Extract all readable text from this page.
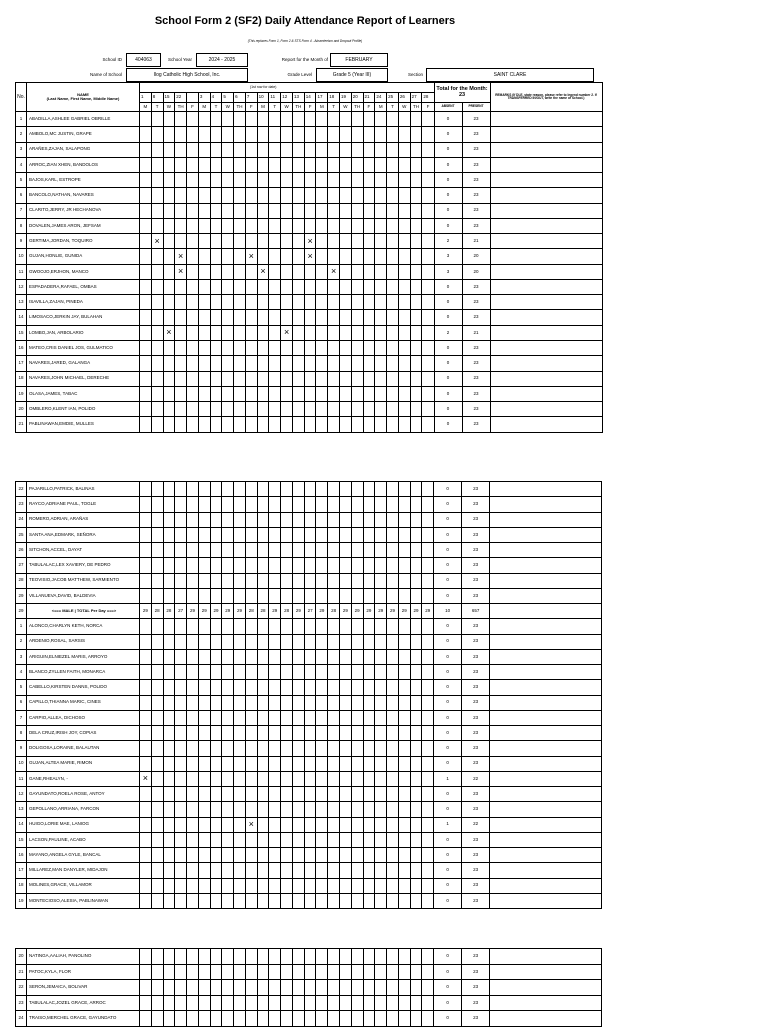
School Form 2 (SF2) Daily Attendance Report of Learners
(This replaces Form 1, Form 2 & STS Form 4 - Absenteeism and Dropout Profile)
School ID	404063	School Year	2024 - 2025	Report for the Month of	FEBRUARY
Name of School	Ilog Catholic High School, Inc.	Grade Level	Grade 5 (Year III)	Section	SAINT CLARE
No.	NAME
(Last Name, First Name, Middle Name)	(1st row for date)																									Total for the Month: 23		REMARKS (If DLE, state reason, please refer to legend number 2. If TRANSFERRED IN/OUT, write the name of School.)
		1	8	15	22		3	4	5	6	7	10	11	12	13	14	17	18	19	20	21	24	25	26	27	28			
		M	T	W	TH	F	M	T	W	TH	F	M	T	W	TH	F	M	T	W	TH	F	M	T	W	TH	F	ABSENT	PRESENT	
1	ABADILLA,ASHLEE GABRIEL OBRILLE																										0	23	
2	AMBOLO,MC JUSTIN, GRAPE																										0	23	
3	ARAÑES,ZAJAN, SALAPONG																										0	23	
4	ARROC,ZIAN XHEN, BANDOLOS																										0	23	
5	BAJOS,KARL, ESTROPE																										0	23	
6	BANCOLO,NATHAN, NAVARES																										0	23	
7	CLARITO,JERRY, JR HECHANOVA																										0	23	
8	DOVALEN,JAMES ARON, JEFSAM																										0	23	
9	GERTIMA,JORDAN, TOQUIRO		×													×											2	21	
10	GUJAN,HONLIE, GUNIDA				×						×					×											3	20	
11	GWOOJO,ERJHON, MANCO				×							×						×									3	20	
12	ESPADADERA,RAFAEL, OMBAS																										0	23	
13	ISAVILLA,ZAJAN, PINEDA																										0	23	
14	LIMOSACO,JERKIN JAY, BULAHAN																										0	23	
15	LOMBO,JAN, ARBOLARIO			×										×													2	21	
16	MATEO,CRIS DANIEL JOS, GULMATICO																										0	23	
17	NAVARES,JARED, GALANGA																										0	23	
18	NAVARES,JOHN MICHAEL, DERECHE																										0	23	
19	OLASA,JAMES, TABAC																										0	23	
20	OMBLERO,KLENT IAN, POLIDO																										0	23	
21	PABLINAWAN,EMDIE, MULLES																										0	23	
22	PAJARILLO,PATRICK, BALINAS																										0	23	
23	RAYCO,ADRIANE PAUL, TOGLE																										0	23	
24	ROMERO,ADRIAN, ARAÑAS																										0	23	
25	SANTA ANA,EDMARK, SEÑORA																										0	23	
26	SITCHON,ACCEL, DAYAT																										0	23	
27	TABULALAC,LEX XAVIERY, DE PEDRO																										0	23	
28	TEOVISIO,JACOB MATTHEW, SARMIENTO																										0	23	
29	VILLANUEVA,DAVID, BALDEVIA																										0	23	
29	<=== MALE | TOTAL Per Day ===>	29	28	28	27	29	29	29	29	29	28	28	29	28	29	27	29	28	29	29	29	29	29	29	29	29	10	657	
1	ALONCO,CHARLYN KETH, NORCA																										0	23	
2	ARDENIO,ROSAL, SARSIS																										0	23	
3	ARIGUIN,ELNIEZEL MARIS, ARROYO																										0	23	
4	BLANCO,ZYLLEN FAITH, MONARCA																										0	23	
5	CABELLO,KIRSTEN DANNS, POLIDO																										0	23	
6	CAPILLO,THIANNA MARIC, CINES																										0	23	
7	CARPIO,ALLEA, DICHOSO																										0	23	
8	DELA CRUZ,IRISH JOY, COPIAS																										0	23	
9	DOLIGOSA,LORAINE, BALAUTAN																										0	23	
10	GUJAN,ALTEA MARIE, RIMON																										0	23	
11	GANE,RHEALYN, -	×																									1	22	
12	GAYUNDATO,ROELA ROSE, ANTOY																										0	23	
13	GEPOLLANO,ARRIANA, FARCON																										0	23	
14	HUIGO,LORIE MAE, LANIOG										×																1	22	
15	LACSON,PAULINE, ACABO																										0	23	
16	MAYANO,ANGELA GYLE, BANCAL																										0	23	
17	MILLAREZ,MAN DANYLER, MIDAJON																										0	23	
18	MOLINES,GRACE, VILLAMOR																										0	23	
19	MONTECIOSO,ALESIA, PABLINAWAN																										0	23	
20	NATINGA,AALIAH, PANOLINO																										0	23	
21	PATOC,KYLA, FLOR																										0	23	
22	SERON,JEMAICA, BOLIVAR																										0	23	
23	TABULALAC,JOZEL GRACE, ARROC																										0	23	
24	TRAISO,MERCHEL GRACE, GAYUNDATO																										0	23	
